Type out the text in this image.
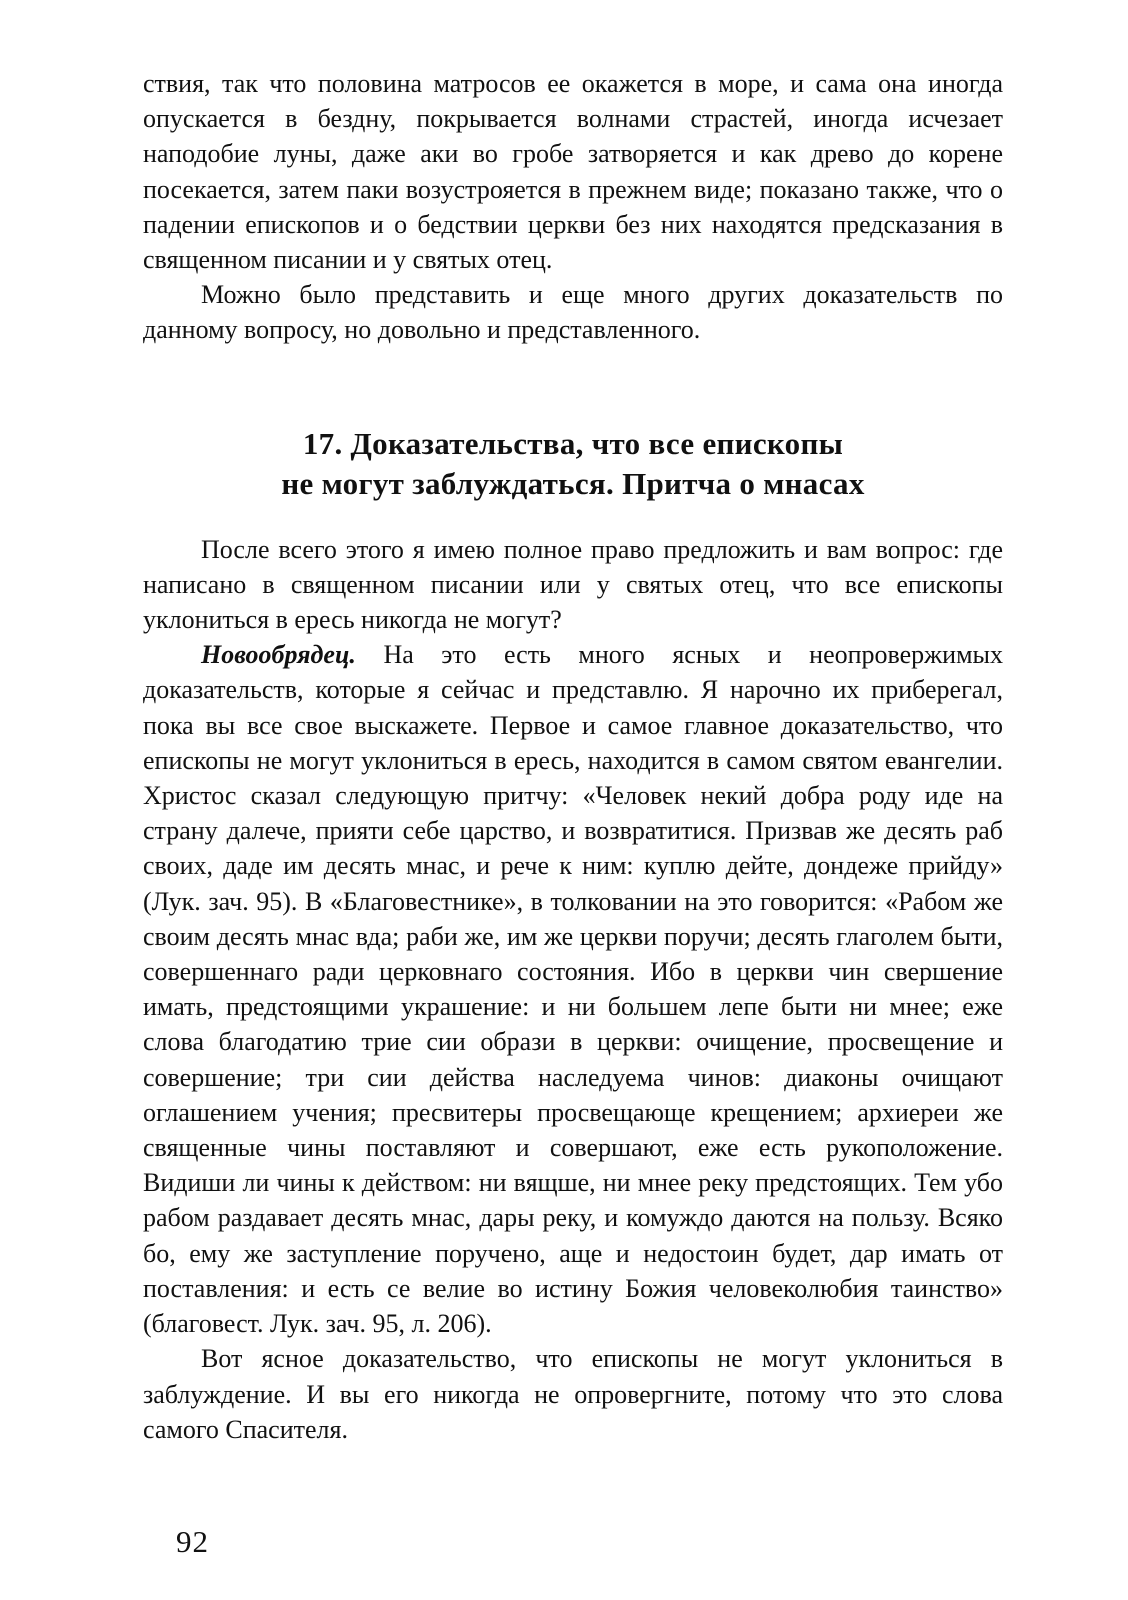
ствия, так что половина матросов ее окажется в море, и сама она иногда опускается в бездну, покрывается волнами страстей, иногда исчезает наподобие луны, даже аки во гробе затворяется и как древо до корене посекается, затем паки возустрояется в прежнем виде; показано также, что о падении епископов и о бедствии церкви без них находятся предсказания в священном писании и у святых отец.

Можно было представить и еще много других доказательств по данному вопросу, но довольно и представленного.

17. Доказательства, что все епископы
не могут заблуждаться. Притча о мнасах

После всего этого я имею полное право предложить и вам вопрос: где написано в священном писании или у святых отец, что все епископы уклониться в ересь никогда не могут?

Новообрядец. На это есть много ясных и неопровержимых доказательств, которые я сейчас и представлю. Я нарочно их приберегал, пока вы все свое выскажете. Первое и самое главное доказательство, что епископы не могут уклониться в ересь, находится в самом святом евангелии. Христос сказал следующую притчу: «Человек некий добра роду иде на страну далече, прияти себе царство, и возвратитися. Призвав же десять раб своих, даде им десять мнас, и рече к ним: куплю дейте, дондеже прийду» (Лук. зач. 95). В «Благовестнике», в толковании на это говорится: «Рабом же своим десять мнас вда; раби же, им же церкви поручи; десять глаголем быти, совершеннаго ради церковнаго состояния. Ибо в церкви чин свершение имать, предстоящими украшение: и ни большем лепе быти ни мнее; еже слова благодатию трие сии образи в церкви: очищение, просвещение и совершение; три сии действа наследуема чинов: диаконы очищают оглашением учения; пресвитеры просвещающе крещением; архиереи же священные чины поставляют и совершают, еже есть рукоположение. Видиши ли чины к действом: ни вящше, ни мнее реку предстоящих. Тем убо рабом раздавает десять мнас, дары реку, и комуждо даются на пользу. Всяко бо, ему же заступление поручено, аще и недостоин будет, дар имать от поставления: и есть се велие во истину Божия человеколюбия таинство» (благовест. Лук. зач. 95, л. 206).

Вот ясное доказательство, что епископы не могут уклониться в заблуждение. И вы его никогда не опровергните, потому что это слова самого Спасителя.

92
